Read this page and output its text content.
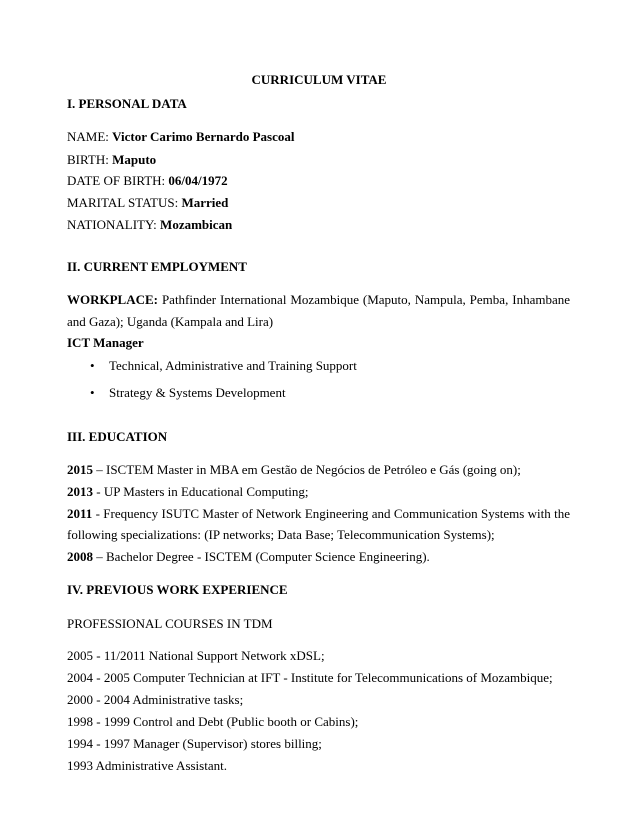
CURRICULUM VITAE
I. PERSONAL DATA
NAME: Victor Carimo Bernardo Pascoal
BIRTH: Maputo
DATE OF BIRTH: 06/04/1972
MARITAL STATUS: Married
NATIONALITY: Mozambican
II. CURRENT EMPLOYMENT
WORKPLACE: Pathfinder International Mozambique (Maputo, Nampula, Pemba, Inhambane
and Gaza); Uganda (Kampala and Lira)
ICT Manager
• Technical, Administrative and Training Support
• Strategy & Systems Development
III. EDUCATION
2015 – ISCTEM Master in MBA em Gestão de Negócios de Petróleo e Gás (going on);
2013 - UP Masters in Educational Computing;
2011 - Frequency ISUTC Master of Network Engineering and Communication Systems with the
following specializations: (IP networks; Data Base; Telecommunication Systems);
2008 – Bachelor Degree - ISCTEM (Computer Science Engineering).
IV. PREVIOUS WORK EXPERIENCE
PROFESSIONAL COURSES IN TDM
2005 - 11/2011 National Support Network xDSL;
2004 - 2005 Computer Technician at IFT - Institute for Telecommunications of Mozambique;
2000 - 2004 Administrative tasks;
1998 - 1999 Control and Debt (Public booth or Cabins);
1994 - 1997 Manager (Supervisor) stores billing;
1993 Administrative Assistant.
